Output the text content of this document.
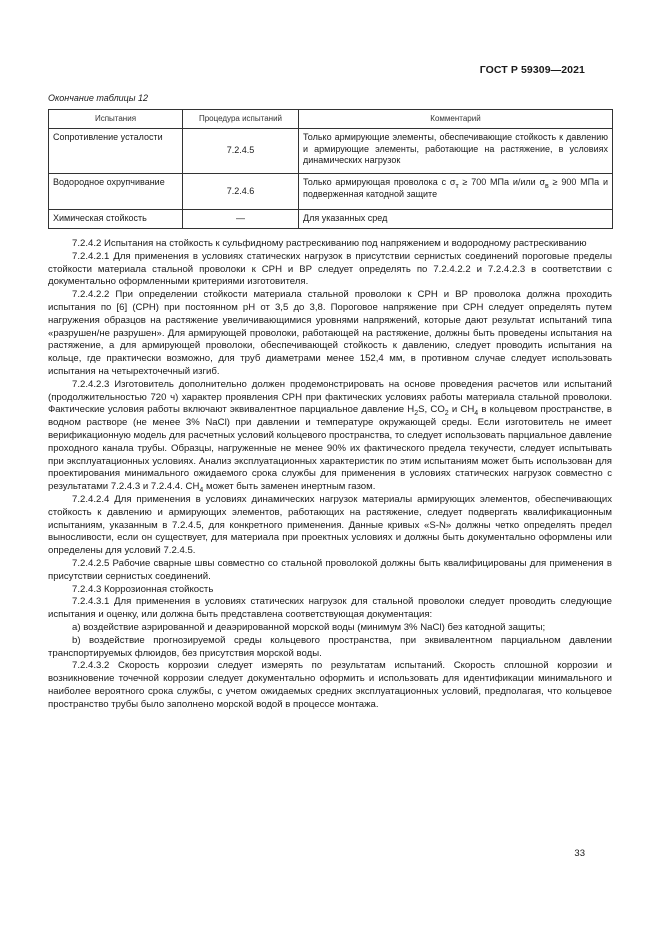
ГОСТ Р 59309—2021
Окончание таблицы 12
Испытания	Процедура испытаний	Комментарий
Сопротивление усталости	7.2.4.5	Только армирующие элементы, обеспечивающие стойкость к давлению и армирующие элементы, работающие на растяжение, в условиях динамических нагрузок
Водородное охрупчивание	7.2.4.6	Только армирующая проволока с $\sigma_т \ge 700$ МПа и/или $\sigma_в \ge 900$ МПа и подверженная катодной защите
Химическая стойкость	—	Для указанных сред

7.2.4.2 Испытания на стойкость к сульфидному растрескиванию под напряжением и водородному растрескиванию

7.2.4.2.1 Для применения в условиях статических нагрузок в присутствии сернистых соединений пороговые пределы стойкости материала стальной проволоки к СРН и ВР следует определять по 7.2.4.2.2 и 7.2.4.2.3 в соответствии с документально оформленными критериями изготовителя.

7.2.4.2.2 При определении стойкости материала стальной проволоки к СРН и ВР проволока должна проходить испытания по [6] (СРН) при постоянном pH от 3,5 до 3,8. Пороговое напряжение при СРН следует определять путем нагружения образцов на растяжение увеличивающимися уровнями напряжений, которые дают результат испытаний типа «разрушен/не разрушен». Для армирующей проволоки, работающей на растяжение, должны быть проведены испытания на растяжение, а для армирующей проволоки, обеспечивающей стойкость к давлению, следует проводить испытания на кольце, где практически возможно, для труб диаметрами менее 152,4 мм, в противном случае следует использовать испытания на четырехточечный изгиб.

7.2.4.2.3 Изготовитель дополнительно должен продемонстрировать на основе проведения расчетов или испытаний (продолжительностью 720 ч) характер проявления СРН при фактических условиях работы материала стальной проволоки. Фактические условия работы включают эквивалентное парциальное давление $H_2S$, $CO_2$ и $CH_4$ в кольцевом пространстве, в водном растворе (не менее 3% NaCl) при давлении и температуре окружающей среды. Если изготовитель не имеет верификационную модель для расчетных условий кольцевого пространства, то следует использовать парциальное давление проходного канала трубы. Образцы, нагруженные не менее 90% их фактического предела текучести, следует испытывать при эксплуатационных условиях. Анализ эксплуатационных характеристик по этим испытаниям может быть использован для проектирования минимального ожидаемого срока службы для применения в условиях статических нагрузок совместно с результатами 7.2.4.3 и 7.2.4.4. $CH_4$ может быть заменен инертным газом.

7.2.4.2.4 Для применения в условиях динамических нагрузок материалы армирующих элементов, обеспечивающих стойкость к давлению и армирующих элементов, работающих на растяжение, следует подвергать квалификационным испытаниям, указанным в 7.2.4.5, для конкретного применения. Данные кривых «S-N» должны четко определять предел выносливости, если он существует, для материала при проектных условиях и должны быть документально оформлены или определены для условий 7.2.4.5.

7.2.4.2.5 Рабочие сварные швы совместно со стальной проволокой должны быть квалифицированы для применения в присутствии сернистых соединений.

7.2.4.3 Коррозионная стойкость

7.2.4.3.1 Для применения в условиях статических нагрузок для стальной проволоки следует проводить следующие испытания и оценку, или должна быть представлена соответствующая документация:

a) воздействие аэрированной и деаэрированной морской воды (минимум 3% NaCl) без катодной защиты;

b) воздействие прогнозируемой среды кольцевого пространства, при эквивалентном парциальном давлении транспортируемых флюидов, без присутствия морской воды.

7.2.4.3.2 Скорость коррозии следует измерять по результатам испытаний. Скорость сплошной коррозии и возникновение точечной коррозии следует документально оформить и использовать для идентификации минимального и наиболее вероятного срока службы, с учетом ожидаемых средних эксплуатационных условий, предполагая, что кольцевое пространство трубы было заполнено морской водой в процессе монтажа.

33
